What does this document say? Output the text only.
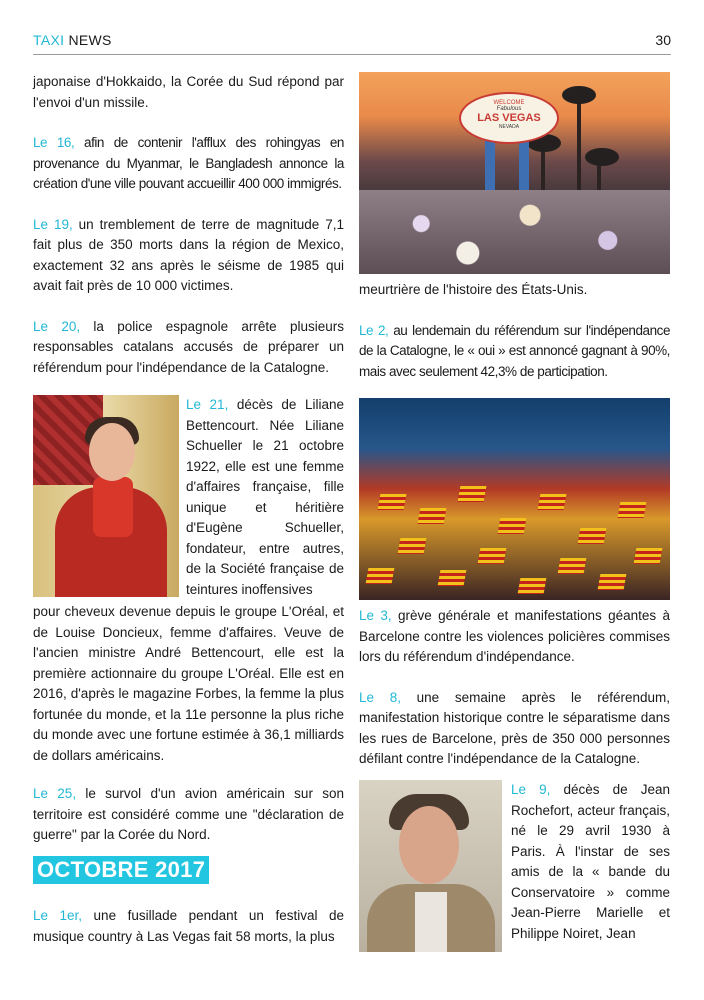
TAXI NEWS	30

japonaise d'Hokkaido, la Corée du Sud répond par l'envoi d'un missile.

Le 16, afin de contenir l'afflux des rohingyas en provenance du Myanmar, le Bangladesh annonce la création d'une ville pouvant accueillir 400 000 immigrés.

Le 19, un tremblement de terre de magnitude 7,1 fait plus de 350 morts dans la région de Mexico, exactement 32 ans après le séisme de 1985 qui avait fait près de 10 000 victimes.

Le 20, la police espagnole arrête plusieurs responsables catalans accusés de préparer un référendum pour l'indépendance de la Catalogne.

Le 21, décès de Liliane Bettencourt. Née Liliane Schueller le 21 octobre 1922, elle est une femme d'affaires française, fille unique et héritière d'Eugène Schueller, fondateur, entre autres, de la Société française de teintures inoffensives

pour cheveux devenue depuis le groupe L'Oréal, et de Louise Doncieux, femme d'affaires. Veuve de l'ancien ministre André Bettencourt, elle est la première actionnaire du groupe L'Oréal. Elle est en 2016, d'après le magazine Forbes, la femme la plus fortunée du monde, et la 11e personne la plus riche du monde avec une fortune estimée à 36,1 milliards de dollars américains.

Le 25, le survol d'un avion américain sur son territoire est considéré comme une "déclaration de guerre" par la Corée du Nord.

OCTOBRE 2017

Le 1er, une fusillade pendant un festival de musique country à Las Vegas fait 58 morts, la plus

WELCOME
Fabulous
LAS VEGAS
NEVADA

meurtrière de l'histoire des États-Unis.

Le 2, au lendemain du référendum sur l'indépendance de la Catalogne, le « oui » est annoncé gagnant à 90%, mais avec seulement 42,3% de participation.

Le 3, grève générale et manifestations géantes à Barcelone contre les violences policières commises lors du référendum d'indépendance.

Le 8, une semaine après le référendum, manifestation historique contre le séparatisme dans les rues de Barcelone, près de 350 000 personnes défilant contre l'indépendance de la Catalogne.

Le 9, décès de Jean Rochefort, acteur français, né le 29 avril 1930 à Paris. À l'instar de ses amis de la « bande du Conservatoire » comme Jean-Pierre Marielle et Philippe Noiret, Jean
